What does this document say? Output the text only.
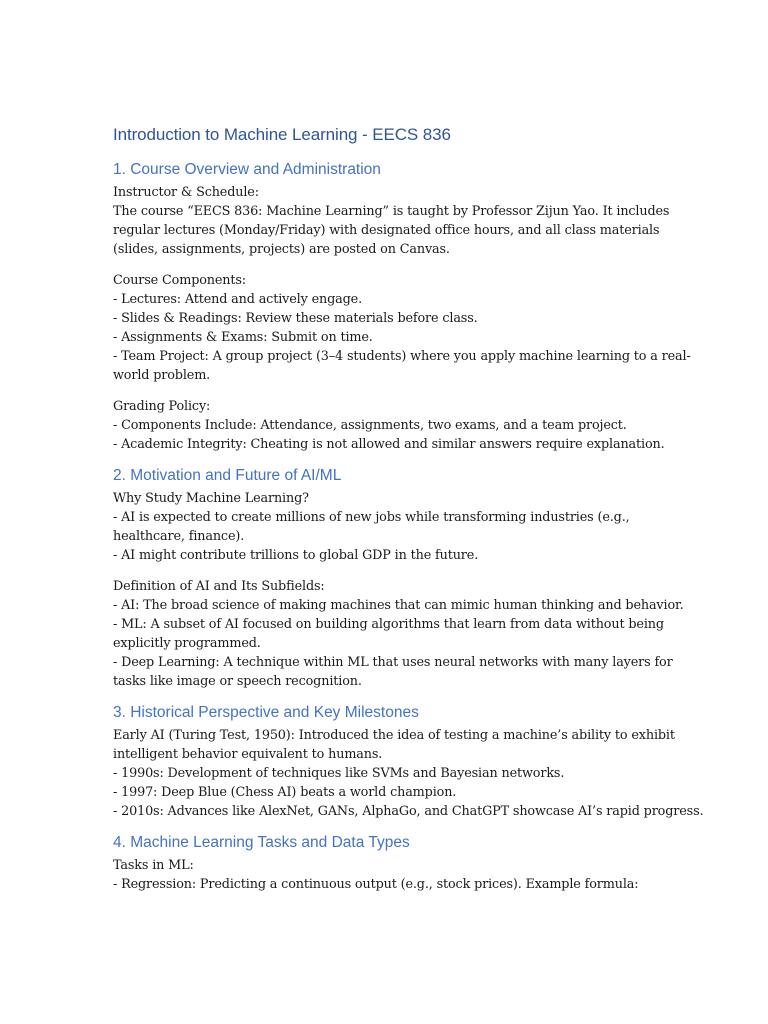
Introduction to Machine Learning - EECS 836
1. Course Overview and Administration
Instructor & Schedule:
The course “EECS 836: Machine Learning” is taught by Professor Zijun Yao. It includes
regular lectures (Monday/Friday) with designated office hours, and all class materials
(slides, assignments, projects) are posted on Canvas.
Course Components:
- Lectures: Attend and actively engage.
- Slides & Readings: Review these materials before class.
- Assignments & Exams: Submit on time.
- Team Project: A group project (3–4 students) where you apply machine learning to a real-
world problem.
Grading Policy:
- Components Include: Attendance, assignments, two exams, and a team project.
- Academic Integrity: Cheating is not allowed and similar answers require explanation.
2. Motivation and Future of AI/ML
Why Study Machine Learning?
- AI is expected to create millions of new jobs while transforming industries (e.g.,
healthcare, finance).
- AI might contribute trillions to global GDP in the future.
Definition of AI and Its Subfields:
- AI: The broad science of making machines that can mimic human thinking and behavior.
- ML: A subset of AI focused on building algorithms that learn from data without being
explicitly programmed.
- Deep Learning: A technique within ML that uses neural networks with many layers for
tasks like image or speech recognition.
3. Historical Perspective and Key Milestones
Early AI (Turing Test, 1950): Introduced the idea of testing a machine’s ability to exhibit
intelligent behavior equivalent to humans.
- 1990s: Development of techniques like SVMs and Bayesian networks.
- 1997: Deep Blue (Chess AI) beats a world champion.
- 2010s: Advances like AlexNet, GANs, AlphaGo, and ChatGPT showcase AI’s rapid progress.
4. Machine Learning Tasks and Data Types
Tasks in ML:
- Regression: Predicting a continuous output (e.g., stock prices). Example formula:
